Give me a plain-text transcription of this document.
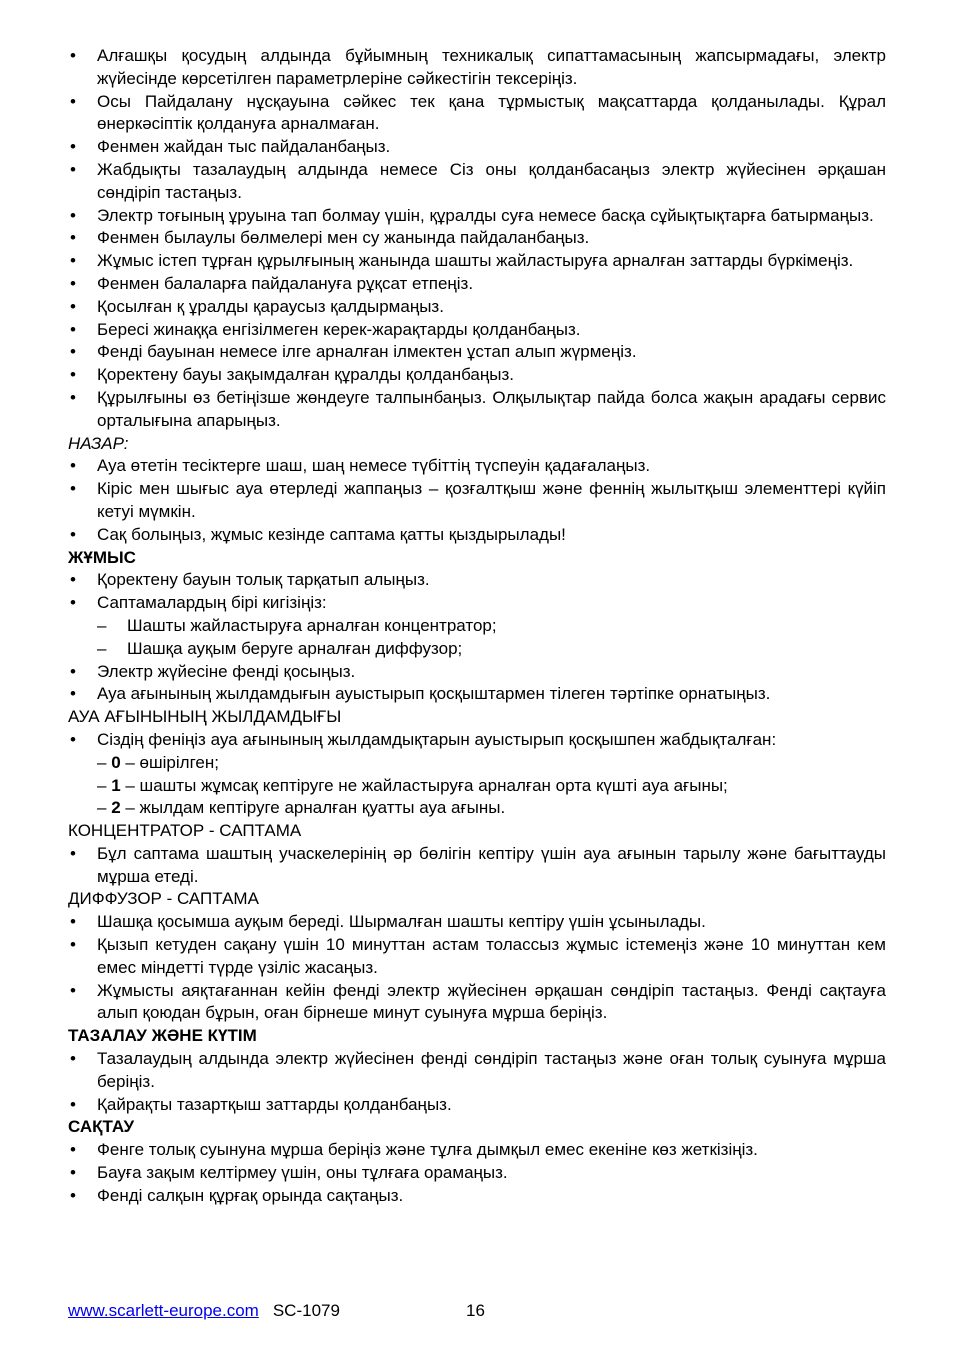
• Алғашқы қосудың алдында бұйымның техникалық сипаттамасының жапсырмадағы, электр жүйесінде көрсетілген параметрлеріне сәйкестігін тексеріңіз.
• Осы Пайдалану нұсқауына сәйкес тек қана тұрмыстық мақсаттарда қолданылады. Құрал өнеркәсіптік қолдануға арналмаған.
• Фенмен жайдан тыс пайдаланбаңыз.
• Жабдықты тазалаудың алдында немесе Сіз оны қолданбасаңыз электр жүйесінен әрқашан сөндіріп тастаңыз.
• Электр тоғының ұруына тап болмау үшін, құралды суға немесе басқа сұйықтықтарға батырмаңыз.
• Фенмен былаулы бөлмелері мен су жанында пайдаланбаңыз.
• Жұмыс істеп тұрған құрылғының жанында шашты жайластыруға арналған заттарды бүркімеңіз.
• Фенмен балаларға пайдалануға рұқсат етпеңіз.
• Қосылған қ ұралды қараусыз қалдырмаңыз.
• Бересі жинаққа енгізілмеген керек-жарақтарды қолданбаңыз.
• Фенді бауынан немесе ілге арналған ілмектен ұстап алып жүрмеңіз.
• Қоректену бауы зақымдалған құралды қолданбаңыз.
• Құрылғыны өз бетіңізше жөндеуге талпынбаңыз. Олқылықтар пайда болса жақын арадағы сервис орталығына апарыңыз.
НАЗАР:
• Ауа өтетін тесіктерге шаш, шаң немесе түбіттің түспеуін қадағалаңыз.
• Кіріс мен шығыс ауа өтерледі жаппаңыз – қозғалтқыш және феннің жылытқыш элементтері күйіп кетуі мүмкін.
• Сақ болыңыз, жұмыс кезінде саптама қатты қыздырылады!
ЖҰМЫС
• Қоректену бауын толық тарқатып алыңыз.
• Саптамалардың бірі кигізіңіз:
– Шашты жайластыруға арналған концентратор;
– Шашқа ауқым беруге арналған диффузор;
• Электр жүйесіне фенді қосыңыз.
• Ауа ағынының жылдамдығын ауыстырып қосқыштармен тілеген тәртіпке орнатыңыз.
АУА АҒЫНЫНЫҢ ЖЫЛДАМДЫҒЫ
• Сіздің феніңіз ауа ағынының жылдамдықтарын ауыстырып қосқышпен жабдықталған:
– 0 – өшірілген;
– 1 – шашты жұмсақ кептіруге не жайластыруға арналған орта күшті ауа ағыны;
– 2 – жылдам кептіруге арналған қуатты ауа ағыны.
КОНЦЕНТРАТОР - САПТАМА
• Бұл саптама шаштың учаскелерінің әр бөлігін кептіру үшін ауа ағынын тарылу және бағыттауды мұрша етеді.
ДИФФУЗОР - САПТАМА
• Шашқа қосымша ауқым береді. Шырмалған шашты кептіру үшін ұсынылады.
• Қызып кетуден сақану үшін 10 минуттан астам толассыз жұмыс істемеңіз және 10 минуттан кем емес міндетті түрде үзіліс жасаңыз.
• Жұмысты аяқтағаннан кейін фенді электр жүйесінен әрқашан сөндіріп тастаңыз. Фенді сақтауға алып қоюдан бұрын, оған бірнеше минут суынуға мұрша беріңіз.
ТАЗАЛАУ ЖӘНЕ КҮТІМ
• Тазалаудың алдында электр жүйесінен фенді сөндіріп тастаңыз және оған толық суынуға мұрша беріңіз.
• Қайрақты тазартқыш заттарды қолданбаңыз.
САҚТАУ
• Фенге толық суынуна мұрша беріңіз және тұлға дымқыл емес екеніне көз жеткізіңіз.
• Бауға зақым келтірмеу үшін, оны тұлғаға орамаңыз.
• Фенді салқын құрғақ орында сақтаңыз.
www.scarlett-europe.com SC-1079	16
